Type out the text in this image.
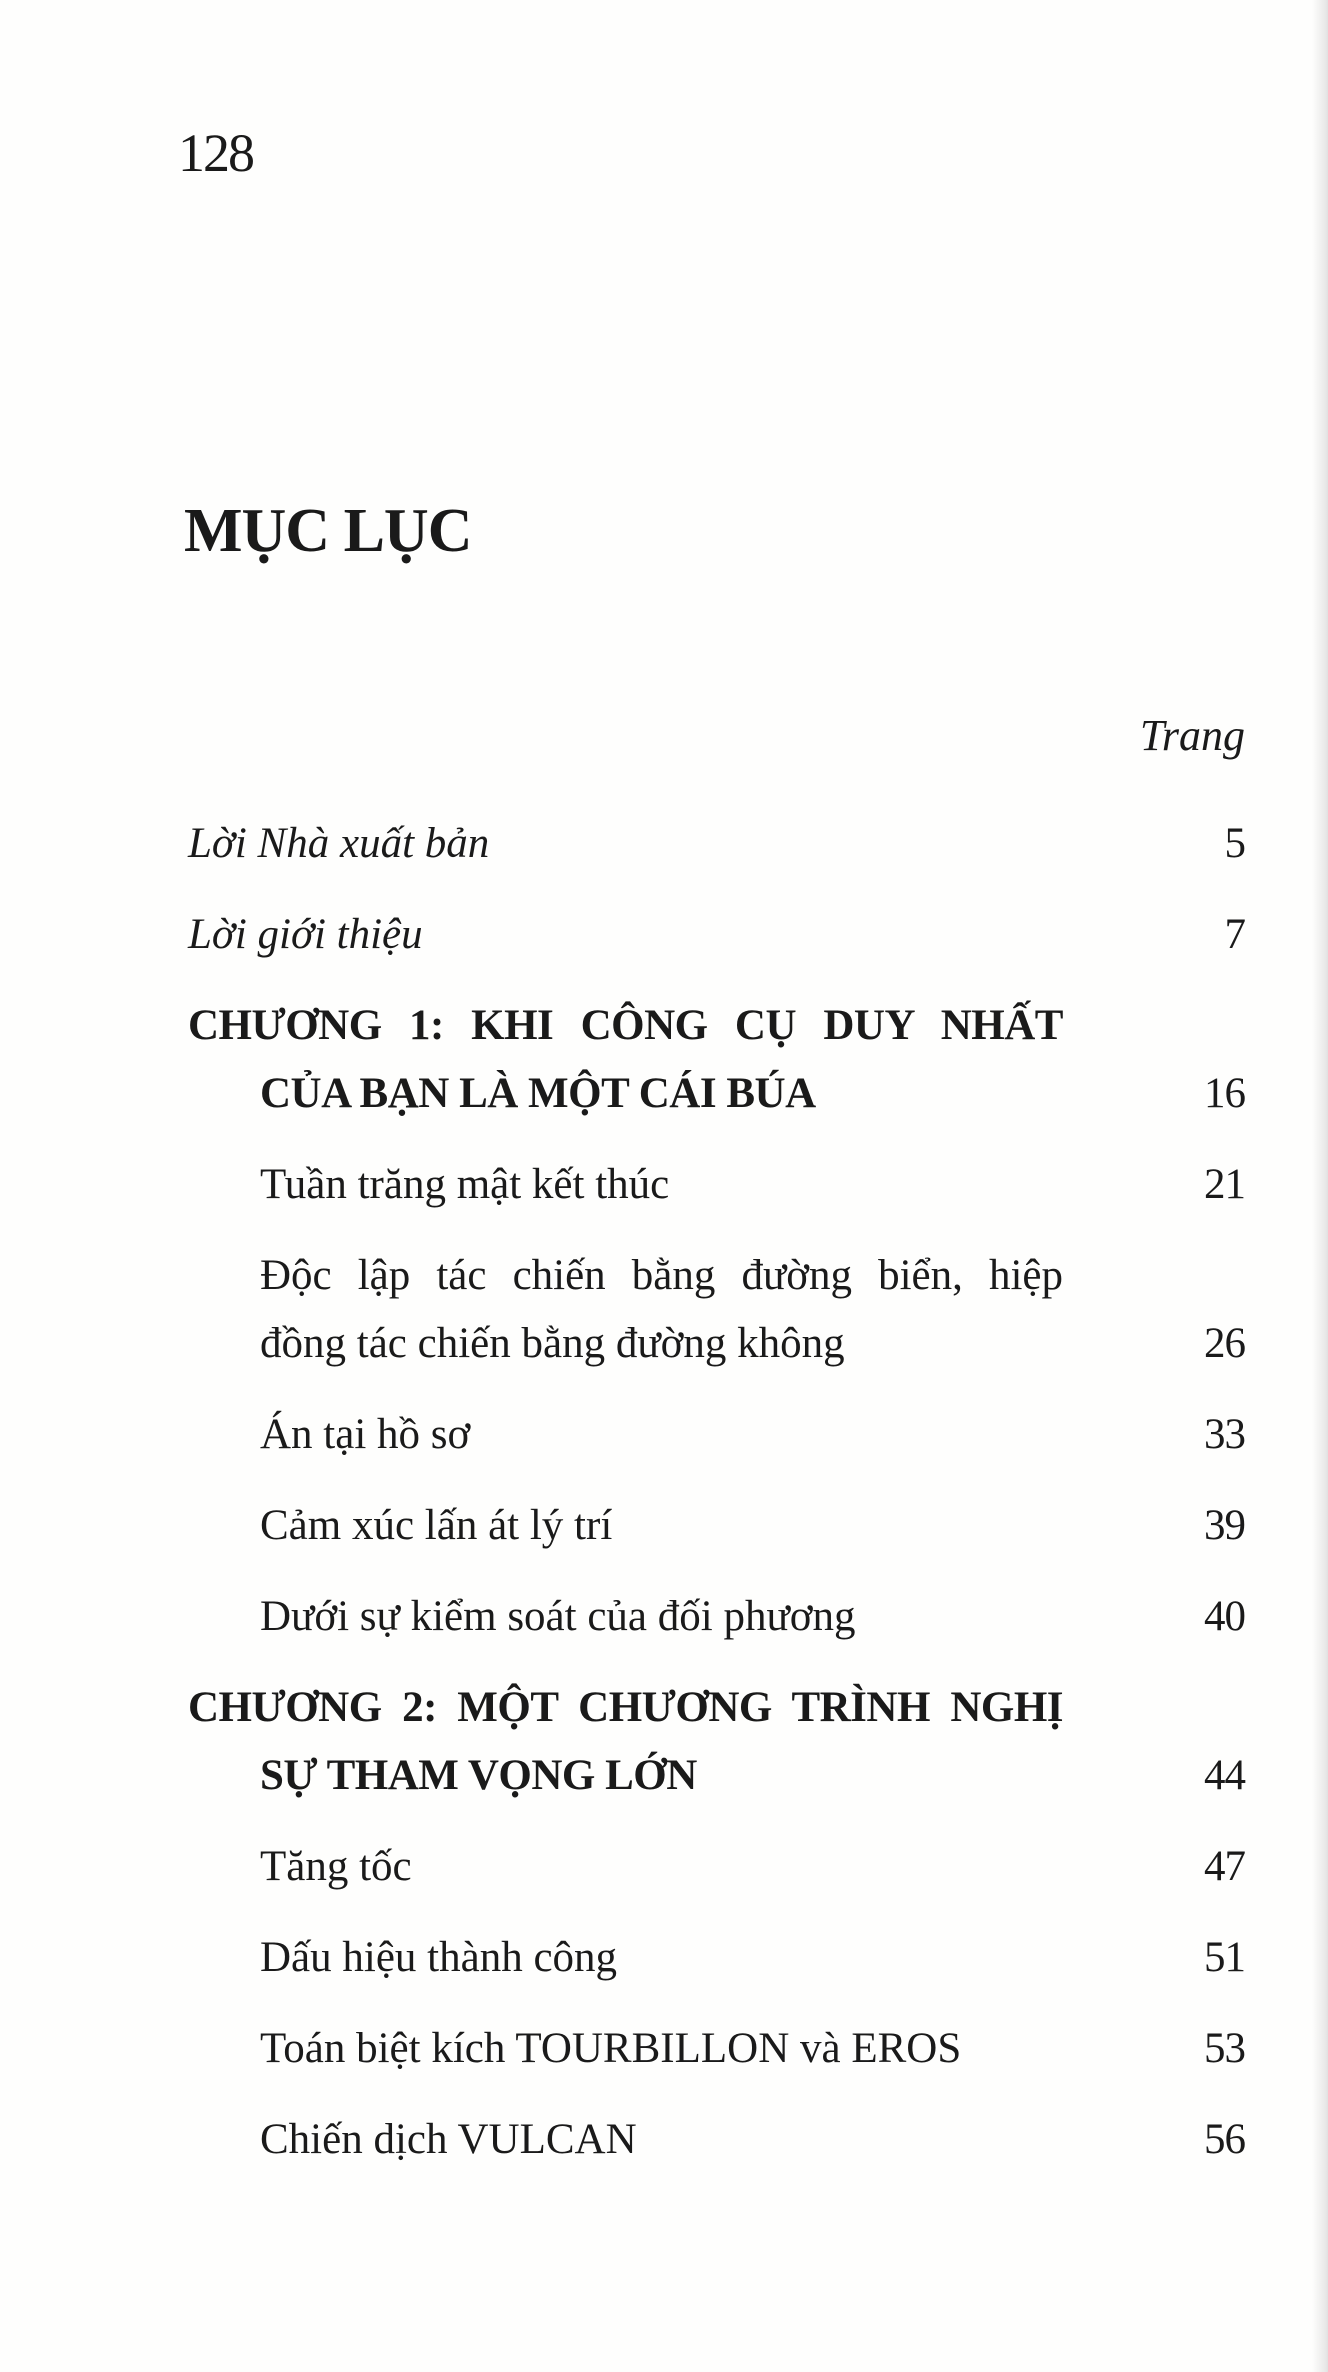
128
MỤC LỤC
Trang
Lời Nhà xuất bản	5
Lời giới thiệu	7
CHƯƠNG 1: KHI CÔNG CỤ DUY NHẤT
CỦA BẠN LÀ MỘT CÁI BÚA	16
Tuần trăng mật kết thúc	21
Độc lập tác chiến bằng đường biển, hiệp
đồng tác chiến bằng đường không	26
Án tại hồ sơ	33
Cảm xúc lấn át lý trí	39
Dưới sự kiểm soát của đối phương	40
CHƯƠNG 2: MỘT CHƯƠNG TRÌNH NGHỊ
SỰ THAM VỌNG LỚN	44
Tăng tốc	47
Dấu hiệu thành công	51
Toán biệt kích TOURBILLON và EROS	53
Chiến dịch VULCAN	56
